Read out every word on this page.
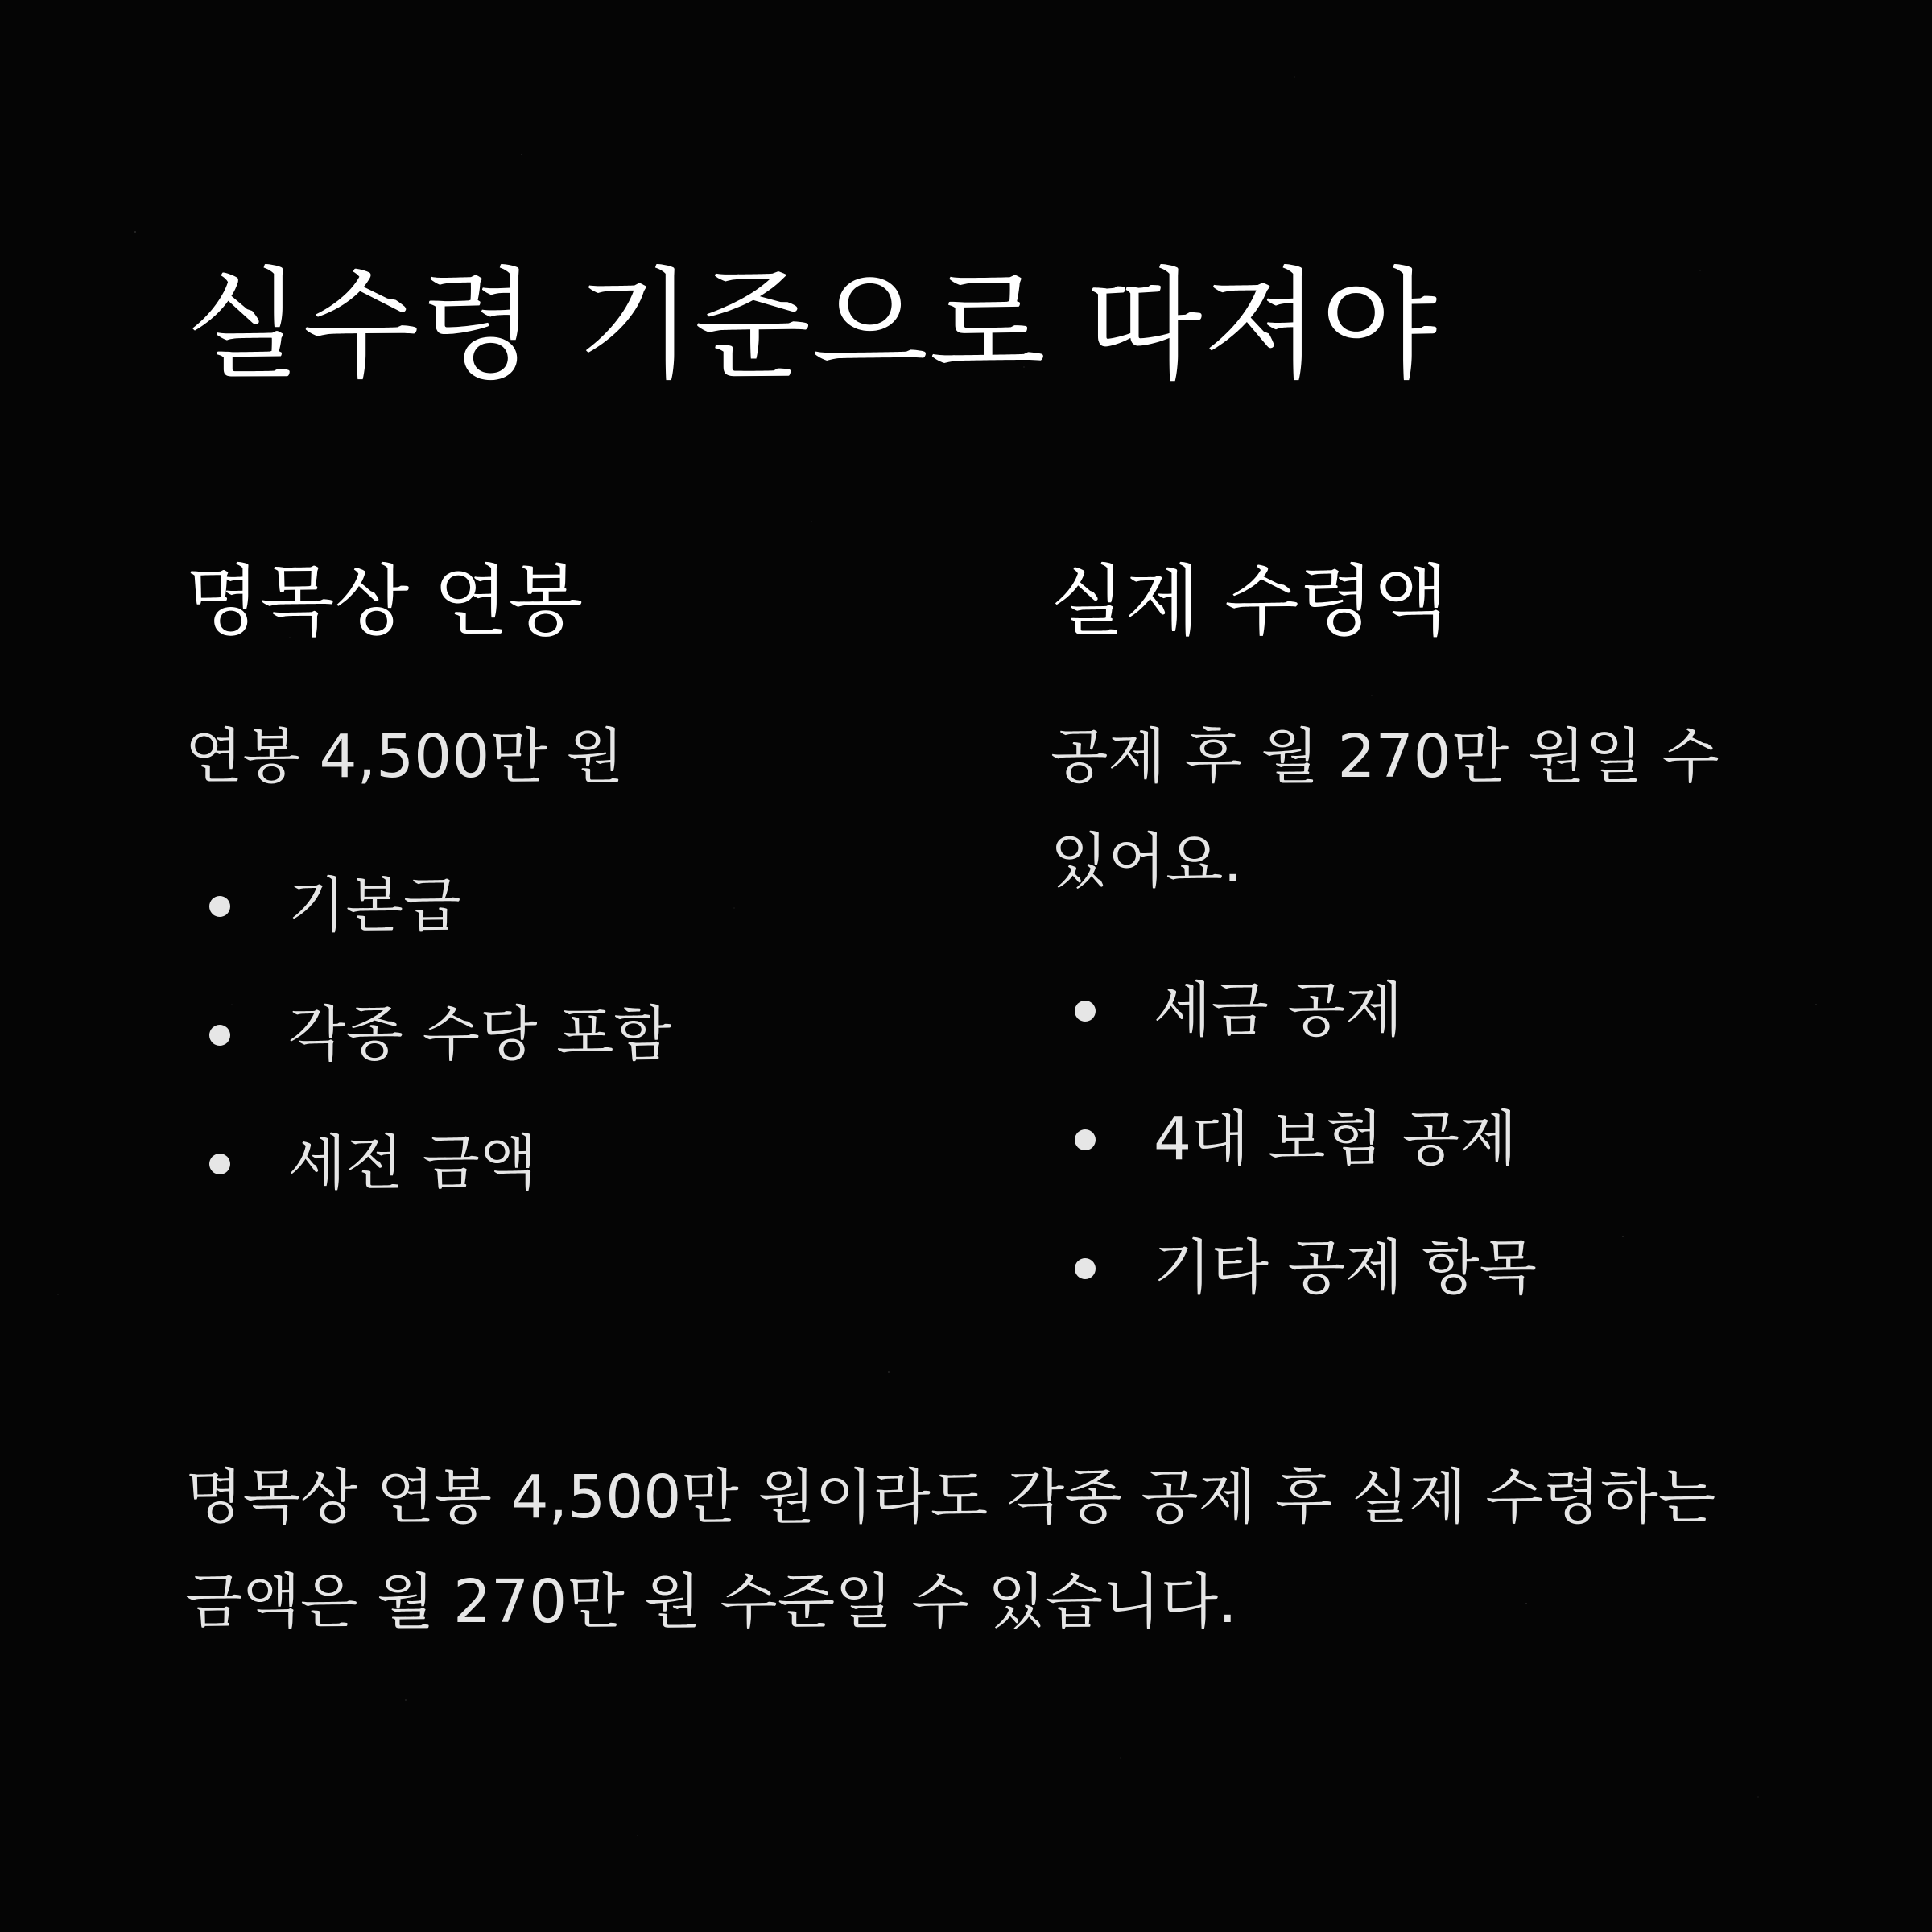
실수령 기준으로 따져야
명목상 연봉

연봉 4,500만 원

기본급
각종 수당 포함
세전 금액
실제 수령액

공제 후 월 270만 원일 수 있어요.

세금 공제
4대 보험 공제
기타 공제 항목

명목상 연봉 4,500만 원이라도 각종 공제 후 실제 수령하는 금액은 월 270만 원 수준일 수 있습니다.
